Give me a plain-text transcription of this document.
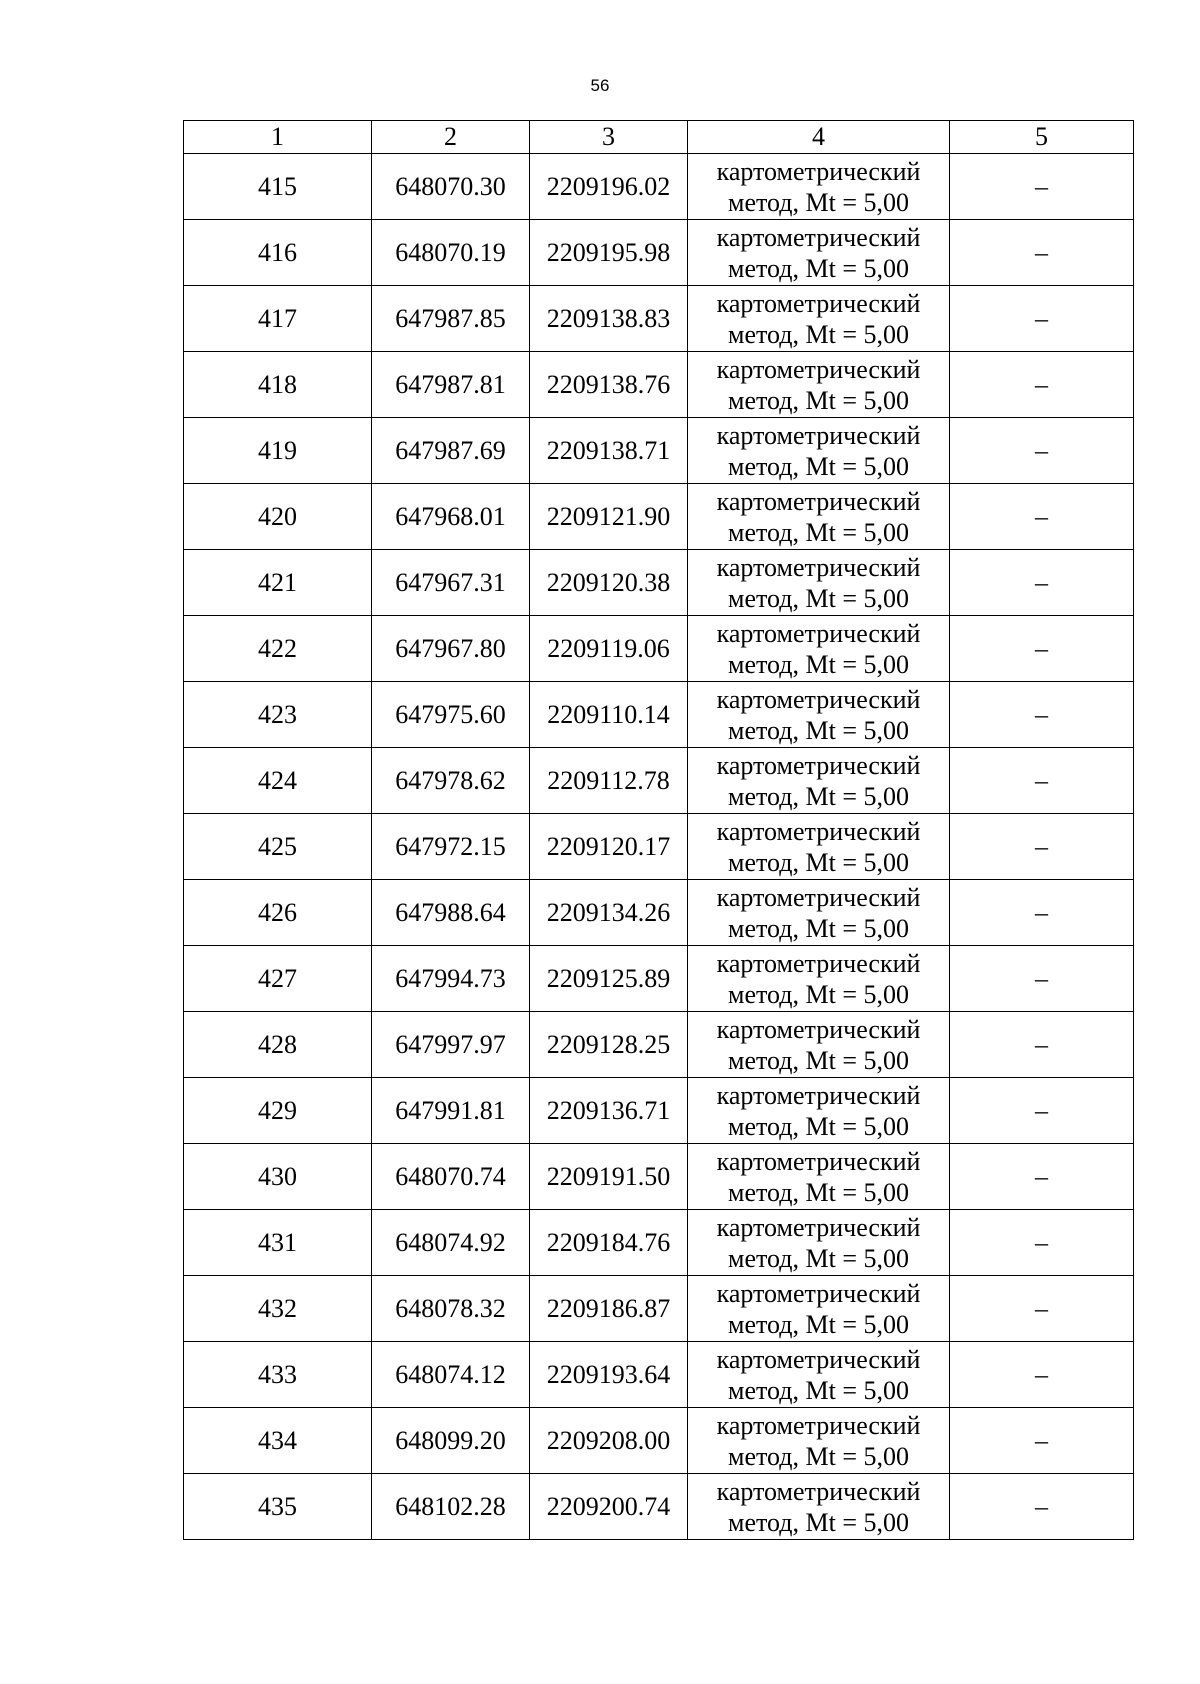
56
1	2	3	4	5
415	648070.30	2209196.02	картометрический
метод, Mt = 5,00	–
416	648070.19	2209195.98	картометрический
метод, Mt = 5,00	–
417	647987.85	2209138.83	картометрический
метод, Mt = 5,00	–
418	647987.81	2209138.76	картометрический
метод, Mt = 5,00	–
419	647987.69	2209138.71	картометрический
метод, Mt = 5,00	–
420	647968.01	2209121.90	картометрический
метод, Mt = 5,00	–
421	647967.31	2209120.38	картометрический
метод, Mt = 5,00	–
422	647967.80	2209119.06	картометрический
метод, Mt = 5,00	–
423	647975.60	2209110.14	картометрический
метод, Mt = 5,00	–
424	647978.62	2209112.78	картометрический
метод, Mt = 5,00	–
425	647972.15	2209120.17	картометрический
метод, Mt = 5,00	–
426	647988.64	2209134.26	картометрический
метод, Mt = 5,00	–
427	647994.73	2209125.89	картометрический
метод, Mt = 5,00	–
428	647997.97	2209128.25	картометрический
метод, Mt = 5,00	–
429	647991.81	2209136.71	картометрический
метод, Mt = 5,00	–
430	648070.74	2209191.50	картометрический
метод, Mt = 5,00	–
431	648074.92	2209184.76	картометрический
метод, Mt = 5,00	–
432	648078.32	2209186.87	картометрический
метод, Mt = 5,00	–
433	648074.12	2209193.64	картометрический
метод, Mt = 5,00	–
434	648099.20	2209208.00	картометрический
метод, Mt = 5,00	–
435	648102.28	2209200.74	картометрический
метод, Mt = 5,00	–
